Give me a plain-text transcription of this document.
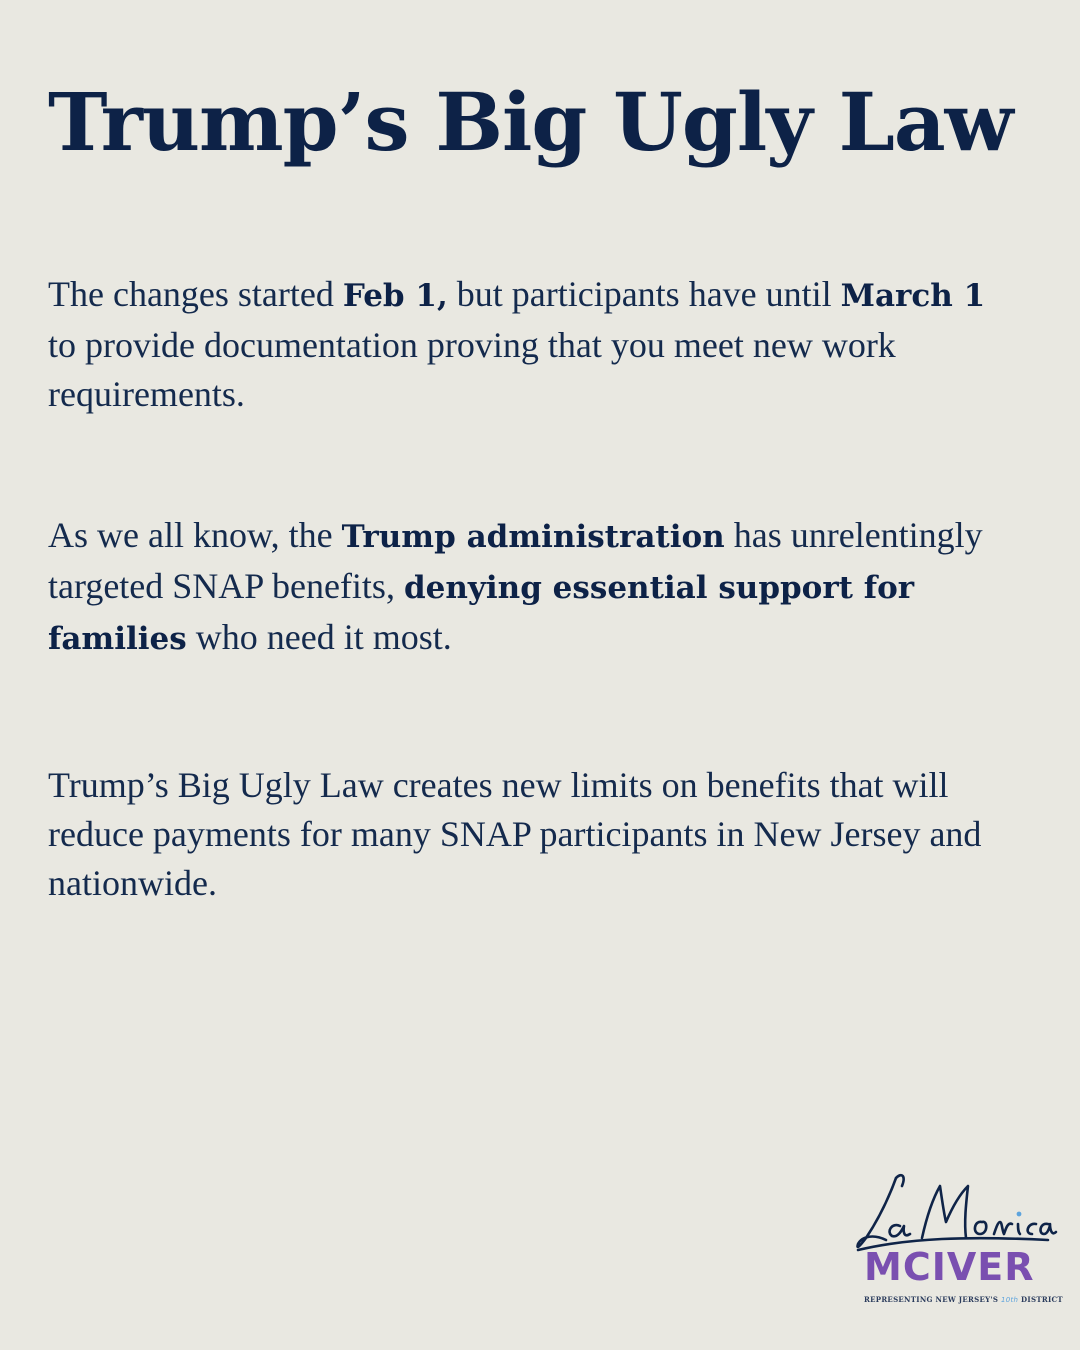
Trump’s Big Ugly Law

The changes started Feb 1, but participants have until March 1 to provide documentation proving that you meet new work requirements.

As we all know, the Trump administration has unrelentingly targeted SNAP benefits, denying essential support for families who need it most.

Trump’s Big Ugly Law creates new limits on benefits that will reduce payments for many SNAP participants in New Jersey and nationwide.

MCIVER
REPRESENTING NEW JERSEY'S 10th DISTRICT
